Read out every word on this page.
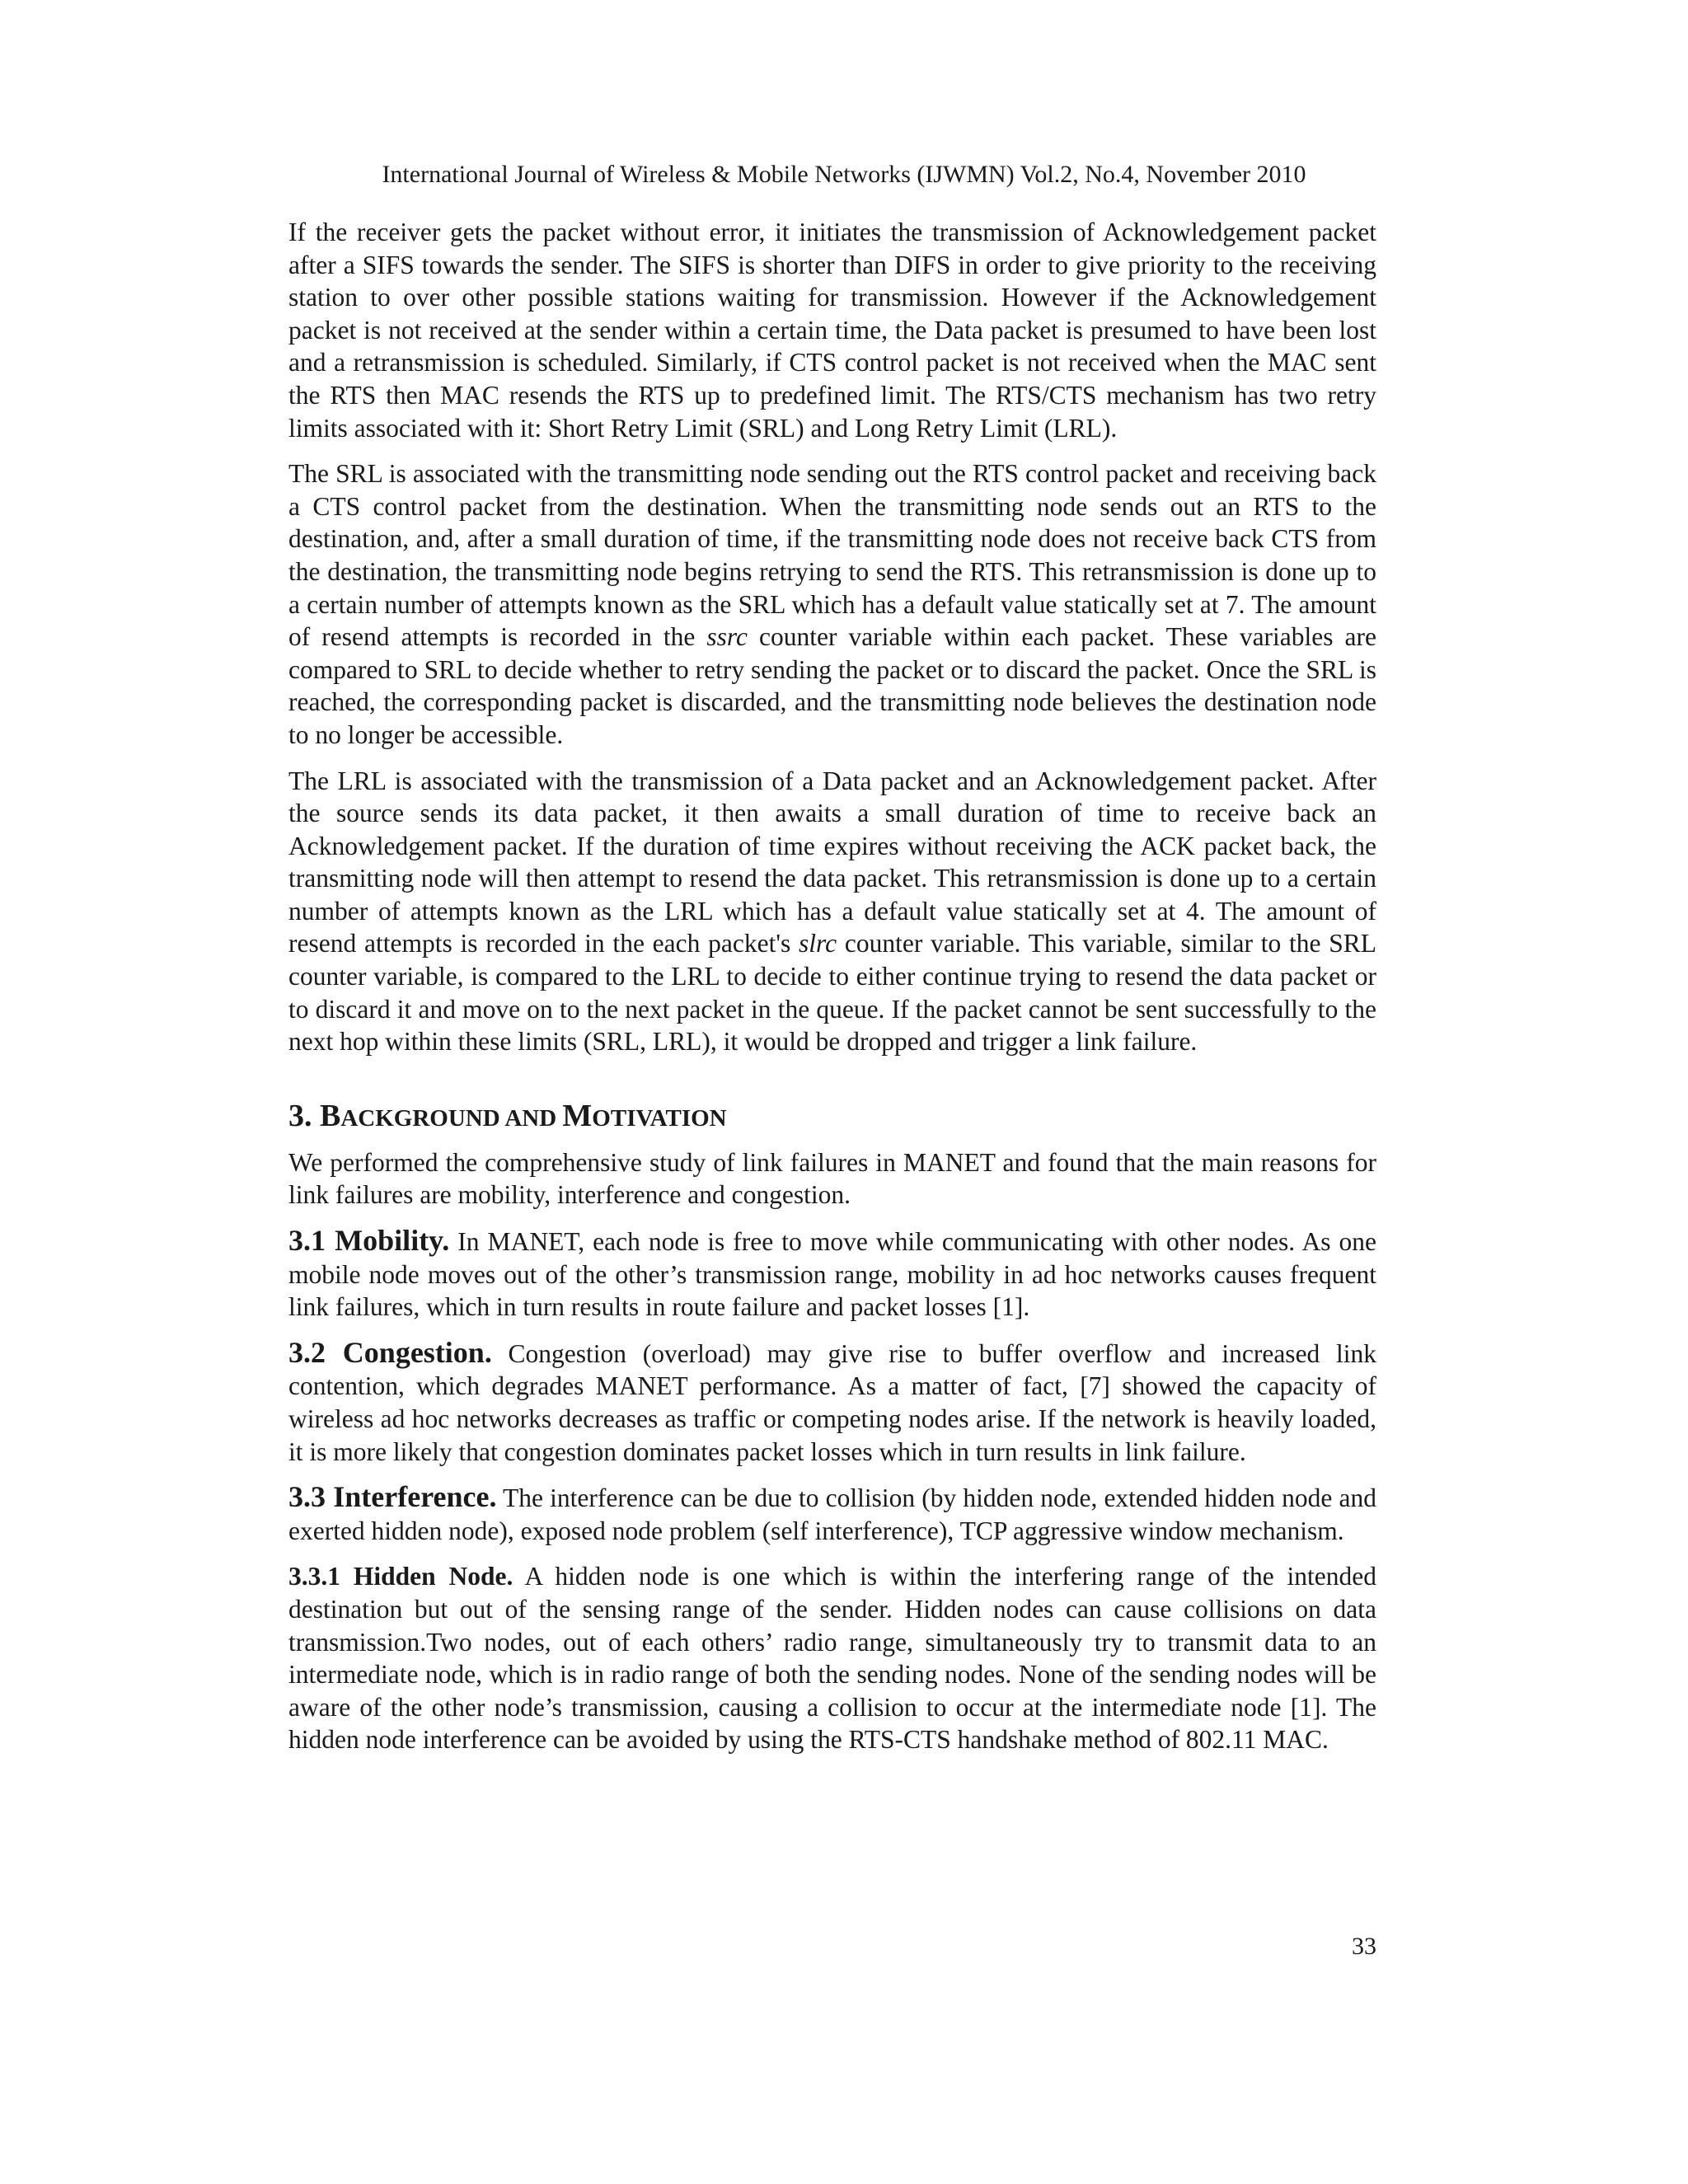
International Journal of Wireless & Mobile Networks (IJWMN) Vol.2, No.4, November 2010

If the receiver gets the packet without error, it initiates the transmission of Acknowledgement packet after a SIFS towards the sender. The SIFS is shorter than DIFS in order to give priority to the receiving station to over other possible stations waiting for transmission. However if the Acknowledgement packet is not received at the sender within a certain time, the Data packet is presumed to have been lost and a retransmission is scheduled. Similarly, if CTS control packet is not received when the MAC sent the RTS then MAC resends the RTS up to predefined limit. The RTS/CTS mechanism has two retry limits associated with it: Short Retry Limit (SRL) and Long Retry Limit (LRL).

The SRL is associated with the transmitting node sending out the RTS control packet and receiving back a CTS control packet from the destination. When the transmitting node sends out an RTS to the destination, and, after a small duration of time, if the transmitting node does not receive back CTS from the destination, the transmitting node begins retrying to send the RTS. This retransmission is done up to a certain number of attempts known as the SRL which has a default value statically set at 7. The amount of resend attempts is recorded in the ssrc counter variable within each packet. These variables are compared to SRL to decide whether to retry sending the packet or to discard the packet. Once the SRL is reached, the corresponding packet is discarded, and the transmitting node believes the destination node to no longer be accessible.

The LRL is associated with the transmission of a Data packet and an Acknowledgement packet. After the source sends its data packet, it then awaits a small duration of time to receive back an Acknowledgement packet. If the duration of time expires without receiving the ACK packet back, the transmitting node will then attempt to resend the data packet. This retransmission is done up to a certain number of attempts known as the LRL which has a default value statically set at 4. The amount of resend attempts is recorded in the each packet's slrc counter variable. This variable, similar to the SRL counter variable, is compared to the LRL to decide to either continue trying to resend the data packet or to discard it and move on to the next packet in the queue. If the packet cannot be sent successfully to the next hop within these limits (SRL, LRL), it would be dropped and trigger a link failure.

3. BACKGROUND AND MOTIVATION

We performed the comprehensive study of link failures in MANET and found that the main reasons for link failures are mobility, interference and congestion.

3.1 Mobility. In MANET, each node is free to move while communicating with other nodes. As one mobile node moves out of the other’s transmission range, mobility in ad hoc networks causes frequent link failures, which in turn results in route failure and packet losses [1].

3.2 Congestion. Congestion (overload) may give rise to buffer overflow and increased link contention, which degrades MANET performance. As a matter of fact, [7] showed the capacity of wireless ad hoc networks decreases as traffic or competing nodes arise. If the network is heavily loaded, it is more likely that congestion dominates packet losses which in turn results in link failure.

3.3 Interference. The interference can be due to collision (by hidden node, extended hidden node and exerted hidden node), exposed node problem (self interference), TCP aggressive window mechanism.

3.3.1 Hidden Node. A hidden node is one which is within the interfering range of the intended destination but out of the sensing range of the sender. Hidden nodes can cause collisions on data transmission.Two nodes, out of each others’ radio range, simultaneously try to transmit data to an intermediate node, which is in radio range of both the sending nodes. None of the sending nodes will be aware of the other node’s transmission, causing a collision to occur at the intermediate node [1]. The hidden node interference can be avoided by using the RTS-CTS handshake method of 802.11 MAC.

33
